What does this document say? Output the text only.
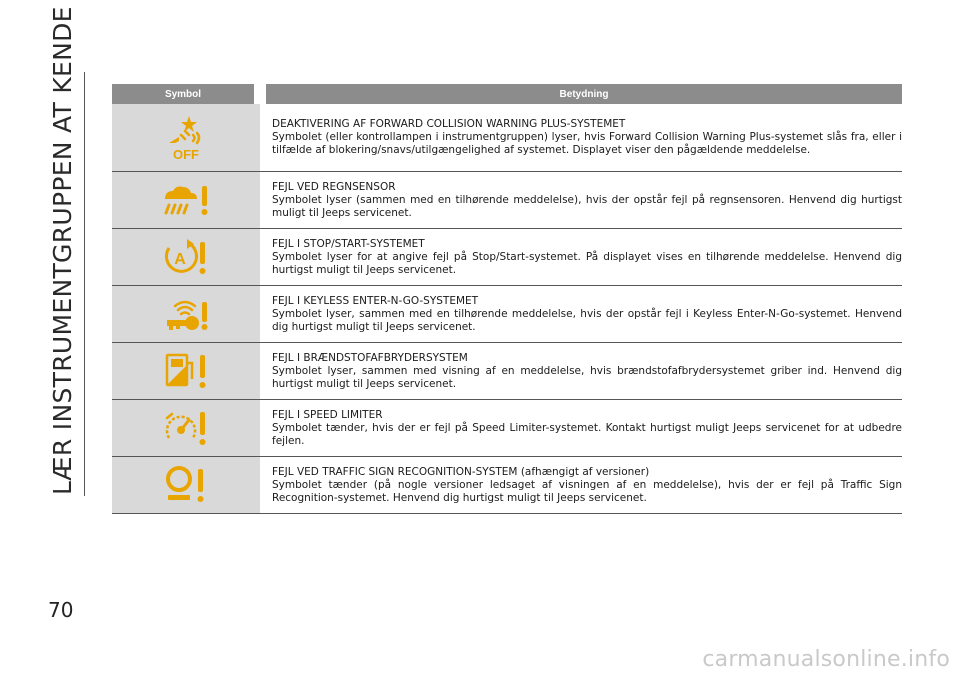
LÆR INSTRUMENTGRUPPEN AT KENDE
70
carmanualsonline.info
Symbol	Betydning

OFF	DEAKTIVERING AF FORWARD COLLISION WARNING PLUS-SYSTEMET
Symbolet (eller kontrollampen i instrumentgruppen) lyser, hvis Forward Collision Warning Plus-systemet slås fra, eller i tilfælde af blokering/snavs/utilgængelighed af systemet. Displayet viser den pågældende meddelelse.

FEJL VED REGNSENSOR
Symbolet lyser (sammen med en tilhørende meddelelse), hvis der opstår fejl på regnsensoren. Henvend dig hurtigst muligt til Jeeps servicenet.

A	FEJL I STOP/START-SYSTEMET
Symbolet lyser for at angive fejl på Stop/Start-systemet. På displayet vises en tilhørende meddelelse. Henvend dig hurtigst muligt til Jeeps servicenet.

FEJL I KEYLESS ENTER-N-GO-SYSTEMET
Symbolet lyser, sammen med en tilhørende meddelelse, hvis der opstår fejl i Keyless Enter-N-Go-systemet. Henvend dig hurtigst muligt til Jeeps servicenet.

FEJL I BRÆNDSTOFAFBRYDERSYSTEM
Symbolet lyser, sammen med visning af en meddelelse, hvis brændstofafbrydersystemet griber ind. Henvend dig hurtigst muligt til Jeeps servicenet.

FEJL I SPEED LIMITER
Symbolet tænder, hvis der er fejl på Speed Limiter-systemet. Kontakt hurtigst muligt Jeeps servicenet for at udbedre fejlen.

FEJL VED TRAFFIC SIGN RECOGNITION-SYSTEM (afhængigt af versioner)
Symbolet tænder (på nogle versioner ledsaget af visningen af en meddelelse), hvis der er fejl på Traffic Sign Recognition-systemet. Henvend dig hurtigst muligt til Jeeps servicenet.
